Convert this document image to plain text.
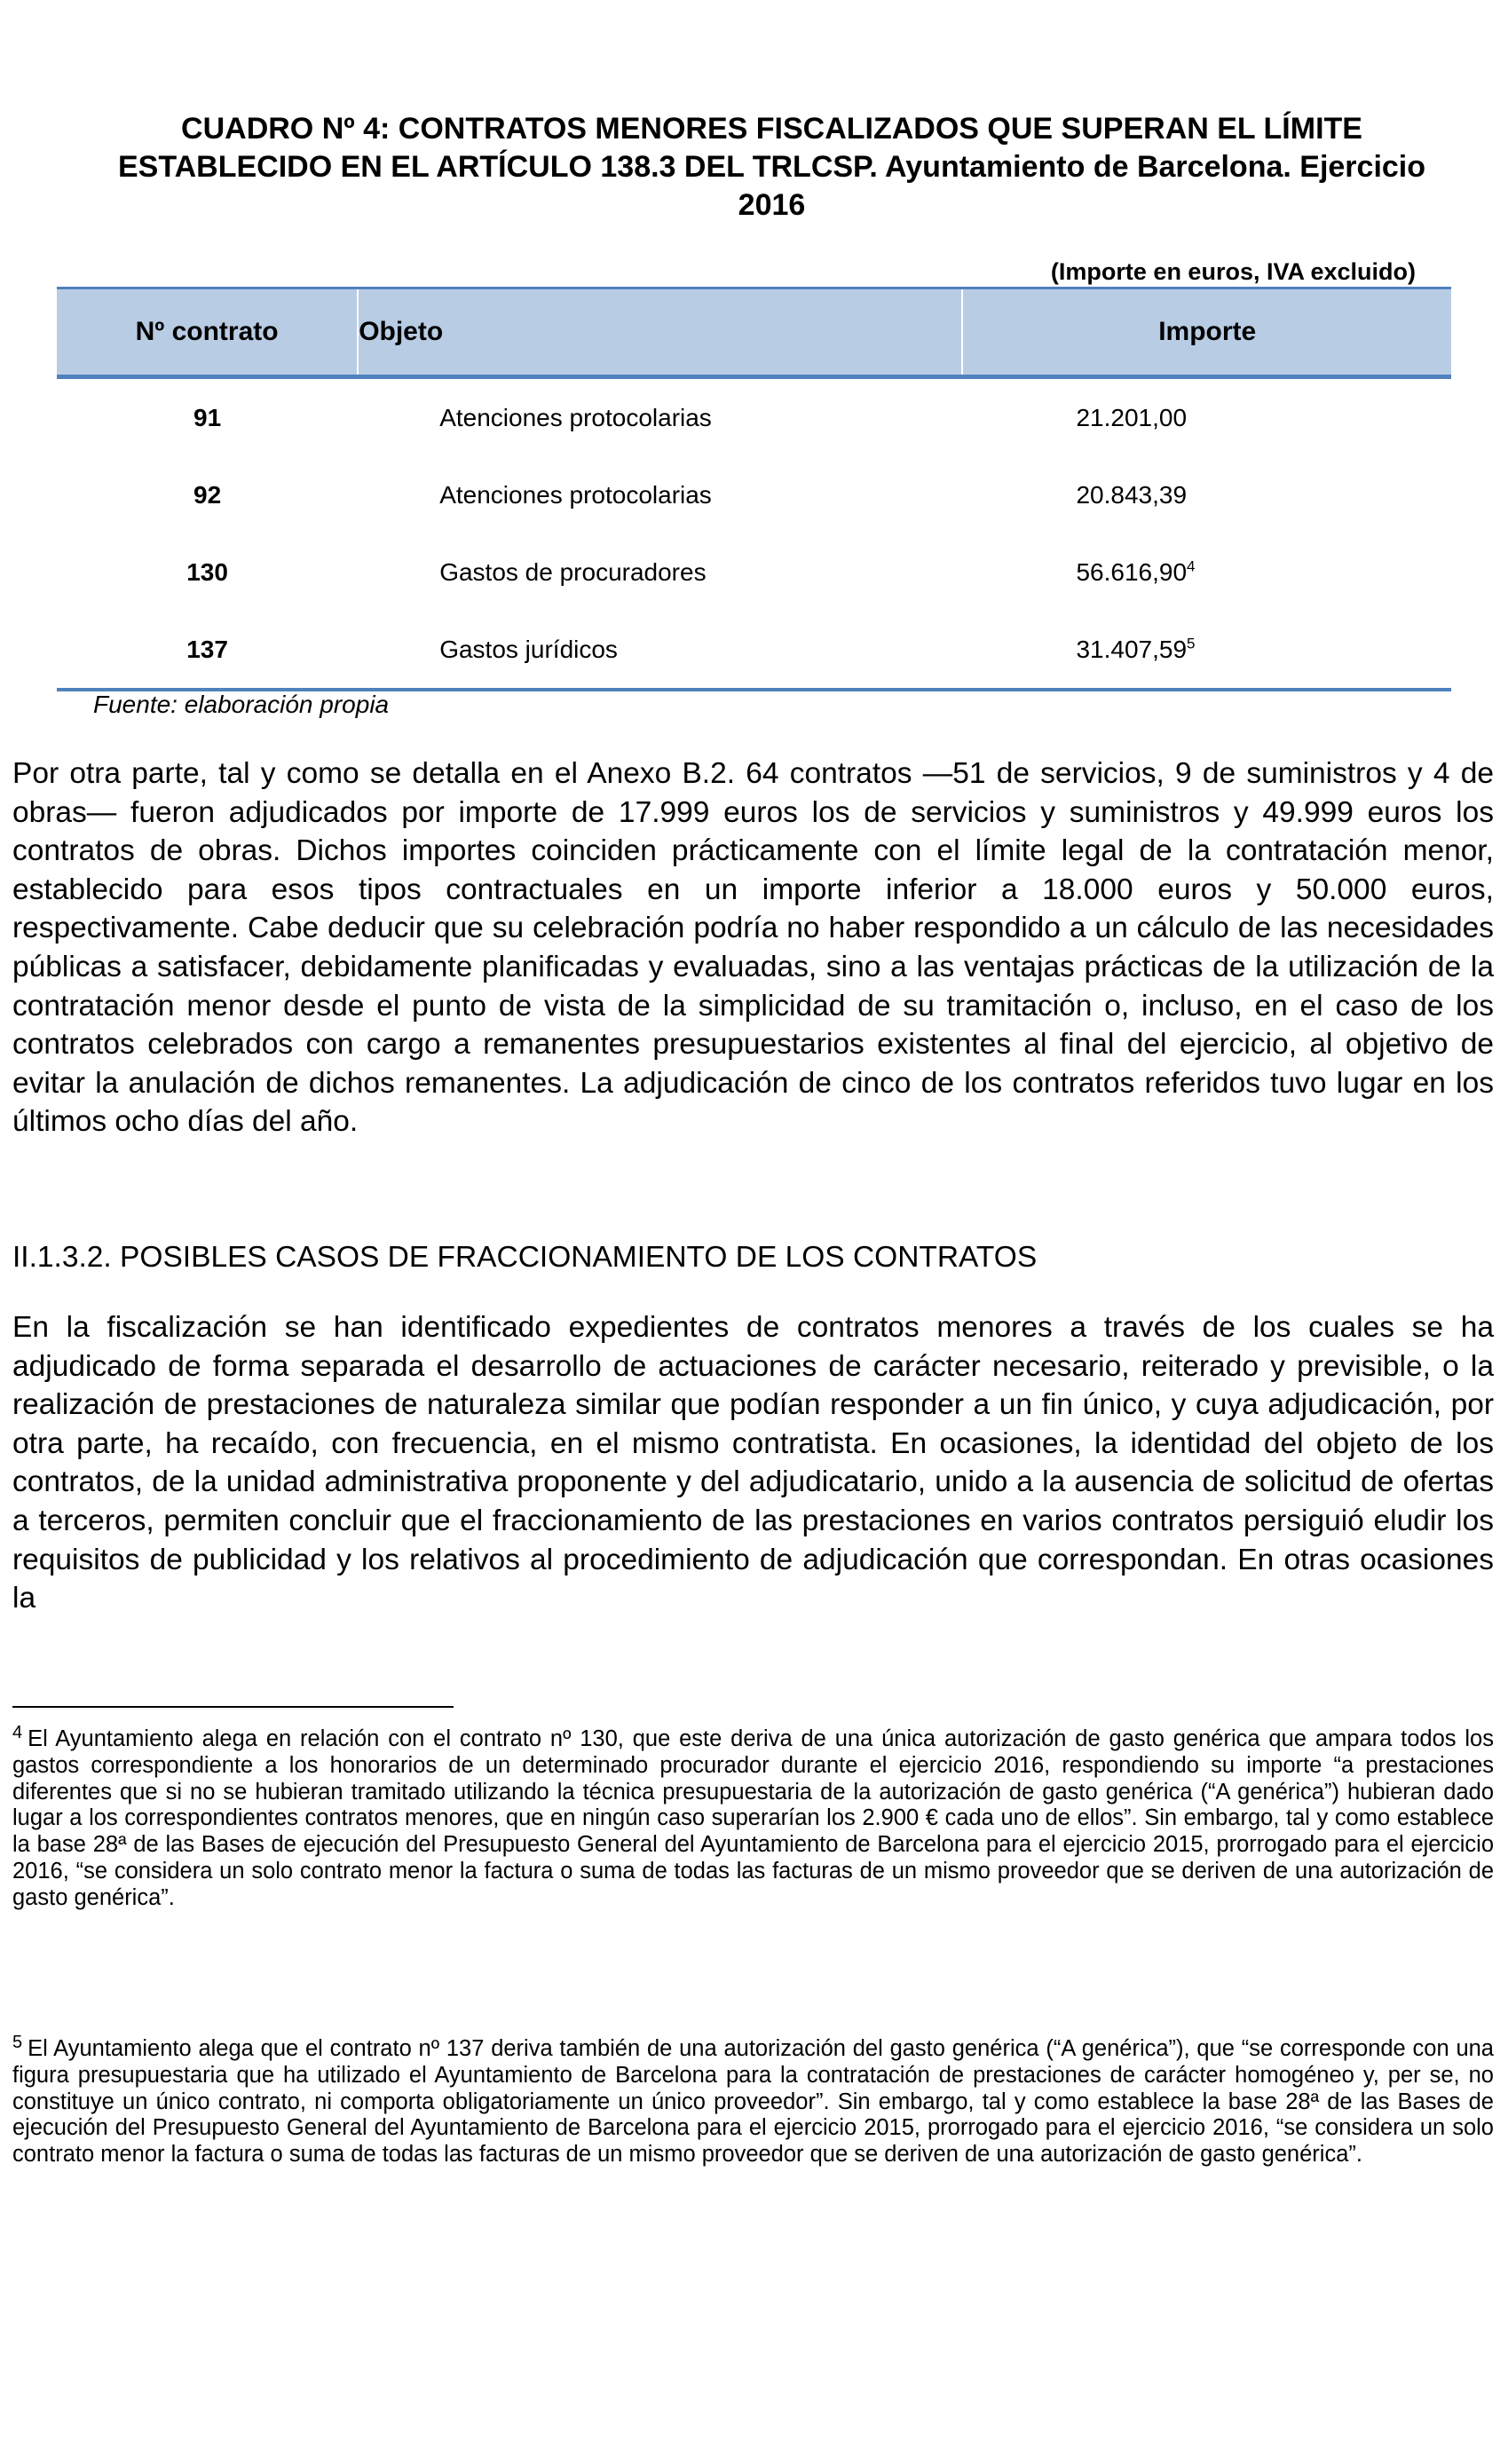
CUADRO Nº 4: CONTRATOS MENORES FISCALIZADOS QUE SUPERAN EL LÍMITE ESTABLECIDO EN EL ARTÍCULO 138.3 DEL TRLCSP. Ayuntamiento de Barcelona. Ejercicio 2016
(Importe en euros, IVA excluido)
Nº contrato	Objeto	Importe
91	Atenciones protocolarias	21.201,00
92	Atenciones protocolarias	20.843,39
130	Gastos de procuradores	56.616,90$^4$
137	Gastos jurídicos	31.407,59$^5$
Fuente: elaboración propia

Por otra parte, tal y como se detalla en el Anexo B.2. 64 contratos —51 de servicios, 9 de suministros y 4 de obras— fueron adjudicados por importe de 17.999 euros los de servicios y suministros y 49.999 euros los contratos de obras. Dichos importes coinciden prácticamente con el límite legal de la contratación menor, establecido para esos tipos contractuales en un importe inferior a 18.000 euros y 50.000 euros, respectivamente. Cabe deducir que su celebración podría no haber respondido a un cálculo de las necesidades públicas a satisfacer, debidamente planificadas y evaluadas, sino a las ventajas prácticas de la utilización de la contratación menor desde el punto de vista de la simplicidad de su tramitación o, incluso, en el caso de los contratos celebrados con cargo a remanentes presupuestarios existentes al final del ejercicio, al objetivo de evitar la anulación de dichos remanentes. La adjudicación de cinco de los contratos referidos tuvo lugar en los últimos ocho días del año.

II.1.3.2. POSIBLES CASOS DE FRACCIONAMIENTO DE LOS CONTRATOS

En la fiscalización se han identificado expedientes de contratos menores a través de los cuales se ha adjudicado de forma separada el desarrollo de actuaciones de carácter necesario, reiterado y previsible, o la realización de prestaciones de naturaleza similar que podían responder a un fin único, y cuya adjudicación, por otra parte, ha recaído, con frecuencia, en el mismo contratista. En ocasiones, la identidad del objeto de los contratos, de la unidad administrativa proponente y del adjudicatario, unido a la ausencia de solicitud de ofertas a terceros, permiten concluir que el fraccionamiento de las prestaciones en varios contratos persiguió eludir los requisitos de publicidad y los relativos al procedimiento de adjudicación que correspondan. En otras ocasiones la

$^4$ El Ayuntamiento alega en relación con el contrato nº 130, que este deriva de una única autorización de gasto genérica que ampara todos los gastos correspondiente a los honorarios de un determinado procurador durante el ejercicio 2016, respondiendo su importe “a prestaciones diferentes que si no se hubieran tramitado utilizando la técnica presupuestaria de la autorización de gasto genérica (“A genérica”) hubieran dado lugar a los correspondientes contratos menores, que en ningún caso superarían los 2.900 € cada uno de ellos”. Sin embargo, tal y como establece la base 28ª de las Bases de ejecución del Presupuesto General del Ayuntamiento de Barcelona para el ejercicio 2015, prorrogado para el ejercicio 2016, “se considera un solo contrato menor la factura o suma de todas las facturas de un mismo proveedor que se deriven de una autorización de gasto genérica”.

$^5$ El Ayuntamiento alega que el contrato nº 137 deriva también de una autorización del gasto genérica (“A genérica”), que “se corresponde con una figura presupuestaria que ha utilizado el Ayuntamiento de Barcelona para la contratación de prestaciones de carácter homogéneo y, per se, no constituye un único contrato, ni comporta obligatoriamente un único proveedor”. Sin embargo, tal y como establece la base 28ª de las Bases de ejecución del Presupuesto General del Ayuntamiento de Barcelona para el ejercicio 2015, prorrogado para el ejercicio 2016, “se considera un solo contrato menor la factura o suma de todas las facturas de un mismo proveedor que se deriven de una autorización de gasto genérica”.
